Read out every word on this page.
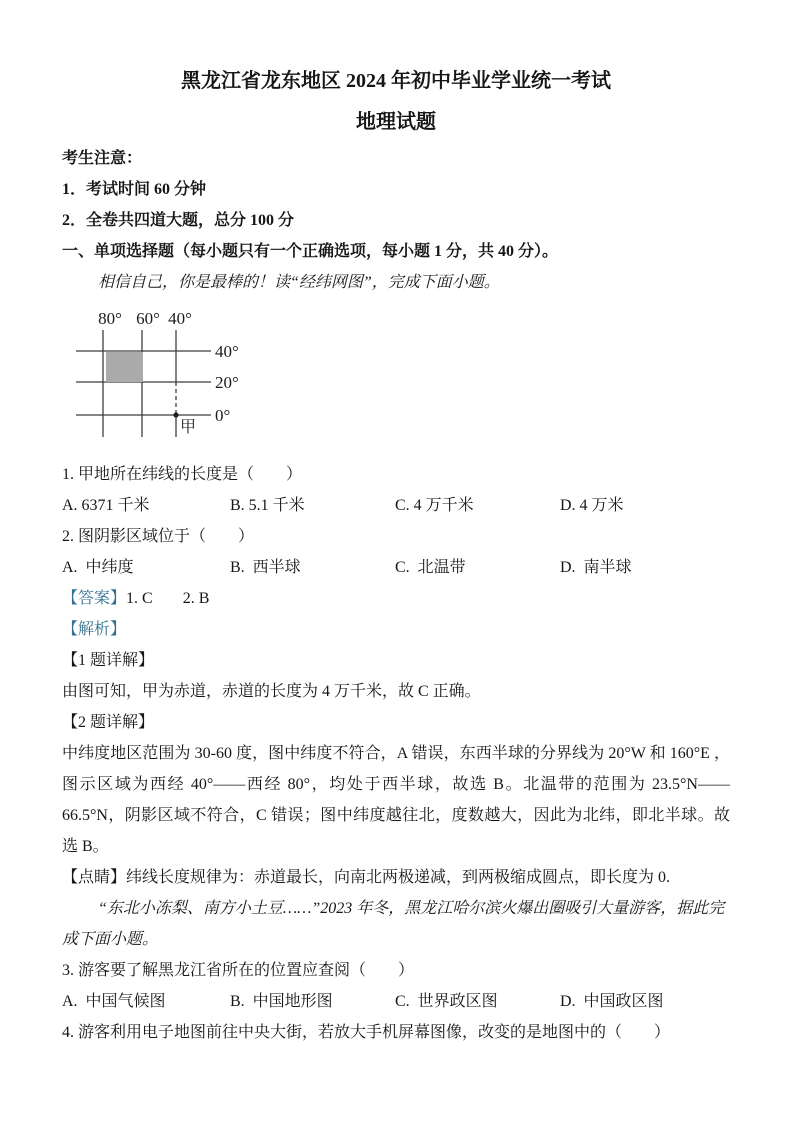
黑龙江省龙东地区 2024 年初中毕业学业统一考试
地理试题

考生注意：

1．考试时间 60 分钟

2．全卷共四道大题，总分 100 分

一、单项选择题（每小题只有一个正确选项，每小题 1 分，共 40 分）。

相信自己，你是最棒的！读“经纬网图”，完成下面小题。

80° 60° 40°
40°
20°
0°
甲

1. 甲地所在纬线的长度是（　　）

A. 6371 千米	B. 5.1 千米	C. 4 万千米	D. 4 万米

2. 图阴影区域位于（　　）

A.  中纬度	B.  西半球	C.  北温带	D.  南半球

【答案】1. C 2. B

【解析】

【1 题详解】

由图可知，甲为赤道，赤道的长度为 4 万千米，故 C 正确。

【2 题详解】

中纬度地区范围为 30-60 度，图中纬度不符合，A 错误，东西半球的分界线为 20°W 和 160°E ，图示区域为西经 40°——西经 80°，均处于西半球，故选 B。北温带的范围为 23.5°N——66.5°N，阴影区域不符合，C 错误；图中纬度越往北，度数越大，因此为北纬，即北半球。故选 B。

【点睛】纬线长度规律为：赤道最长，向南北两极递减，到两极缩成圆点，即长度为 0.

“东北小冻梨、南方小土豆……”2023 年冬，黑龙江哈尔滨火爆出圈吸引大量游客，据此完成下面小题。

3. 游客要了解黑龙江省所在的位置应查阅（　　）

A.  中国气候图	B.  中国地形图	C.  世界政区图	D.  中国政区图

4. 游客利用电子地图前往中央大街，若放大手机屏幕图像，改变的是地图中的（　　）
